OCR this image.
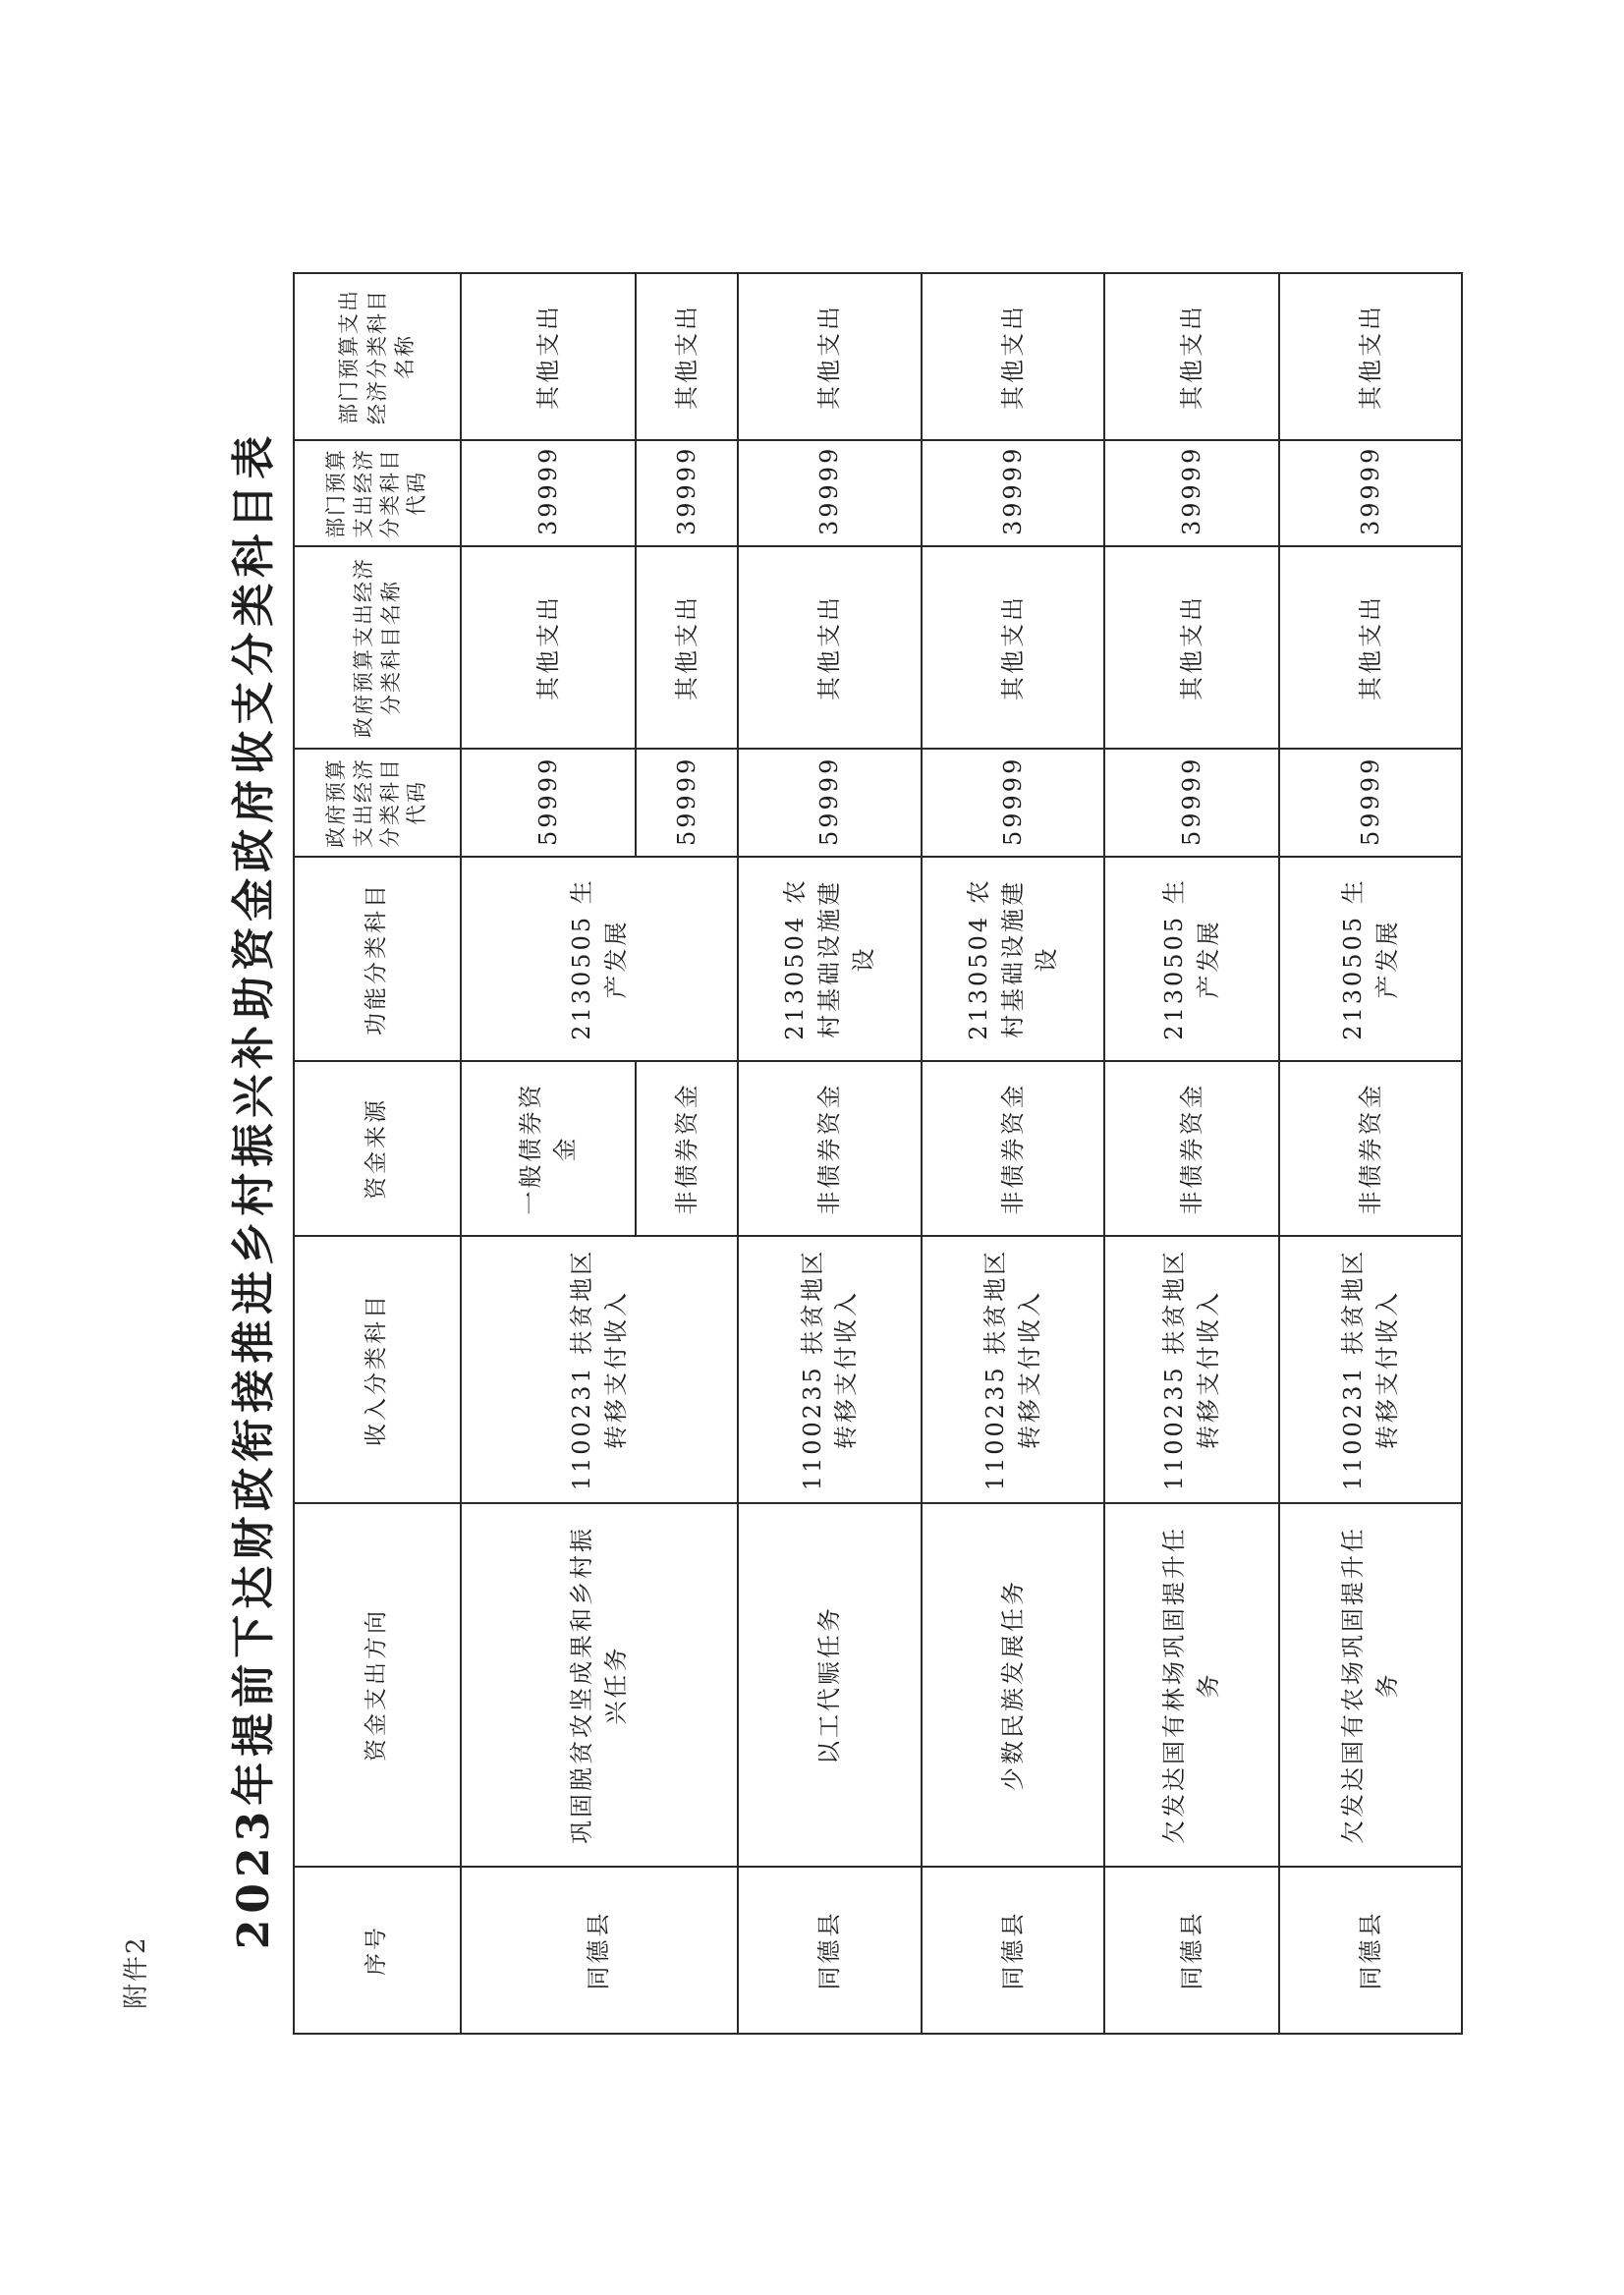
附件2
2023年提前下达财政衔接推进乡村振兴补助资金政府收支分类科目表
序号	资金支出方向	收入分类科目	资金来源	功能分类科目	政府预算支出经济分类科目代码	政府预算支出经济分类科目名称	部门预算支出经济分类科目代码	部门预算支出经济分类科目名称
同德县	巩固脱贫攻坚成果和乡村振兴任务	1100231 扶贫地区转移支付收入	一般债券资金	2130505 生产发展	59999	其他支出	39999	其他支出
			非债券资金		59999	其他支出	39999	其他支出
同德县	以工代赈任务	1100235 扶贫地区转移支付收入	非债券资金	2130504 农村基础设施建设	59999	其他支出	39999	其他支出
同德县	少数民族发展任务	1100235 扶贫地区转移支付收入	非债券资金	2130504 农村基础设施建设	59999	其他支出	39999	其他支出
同德县	欠发达国有林场巩固提升任务	1100235 扶贫地区转移支付收入	非债券资金	2130505 生产发展	59999	其他支出	39999	其他支出
同德县	欠发达国有农场巩固提升任务	1100231 扶贫地区转移支付收入	非债券资金	2130505 生产发展	59999	其他支出	39999	其他支出
